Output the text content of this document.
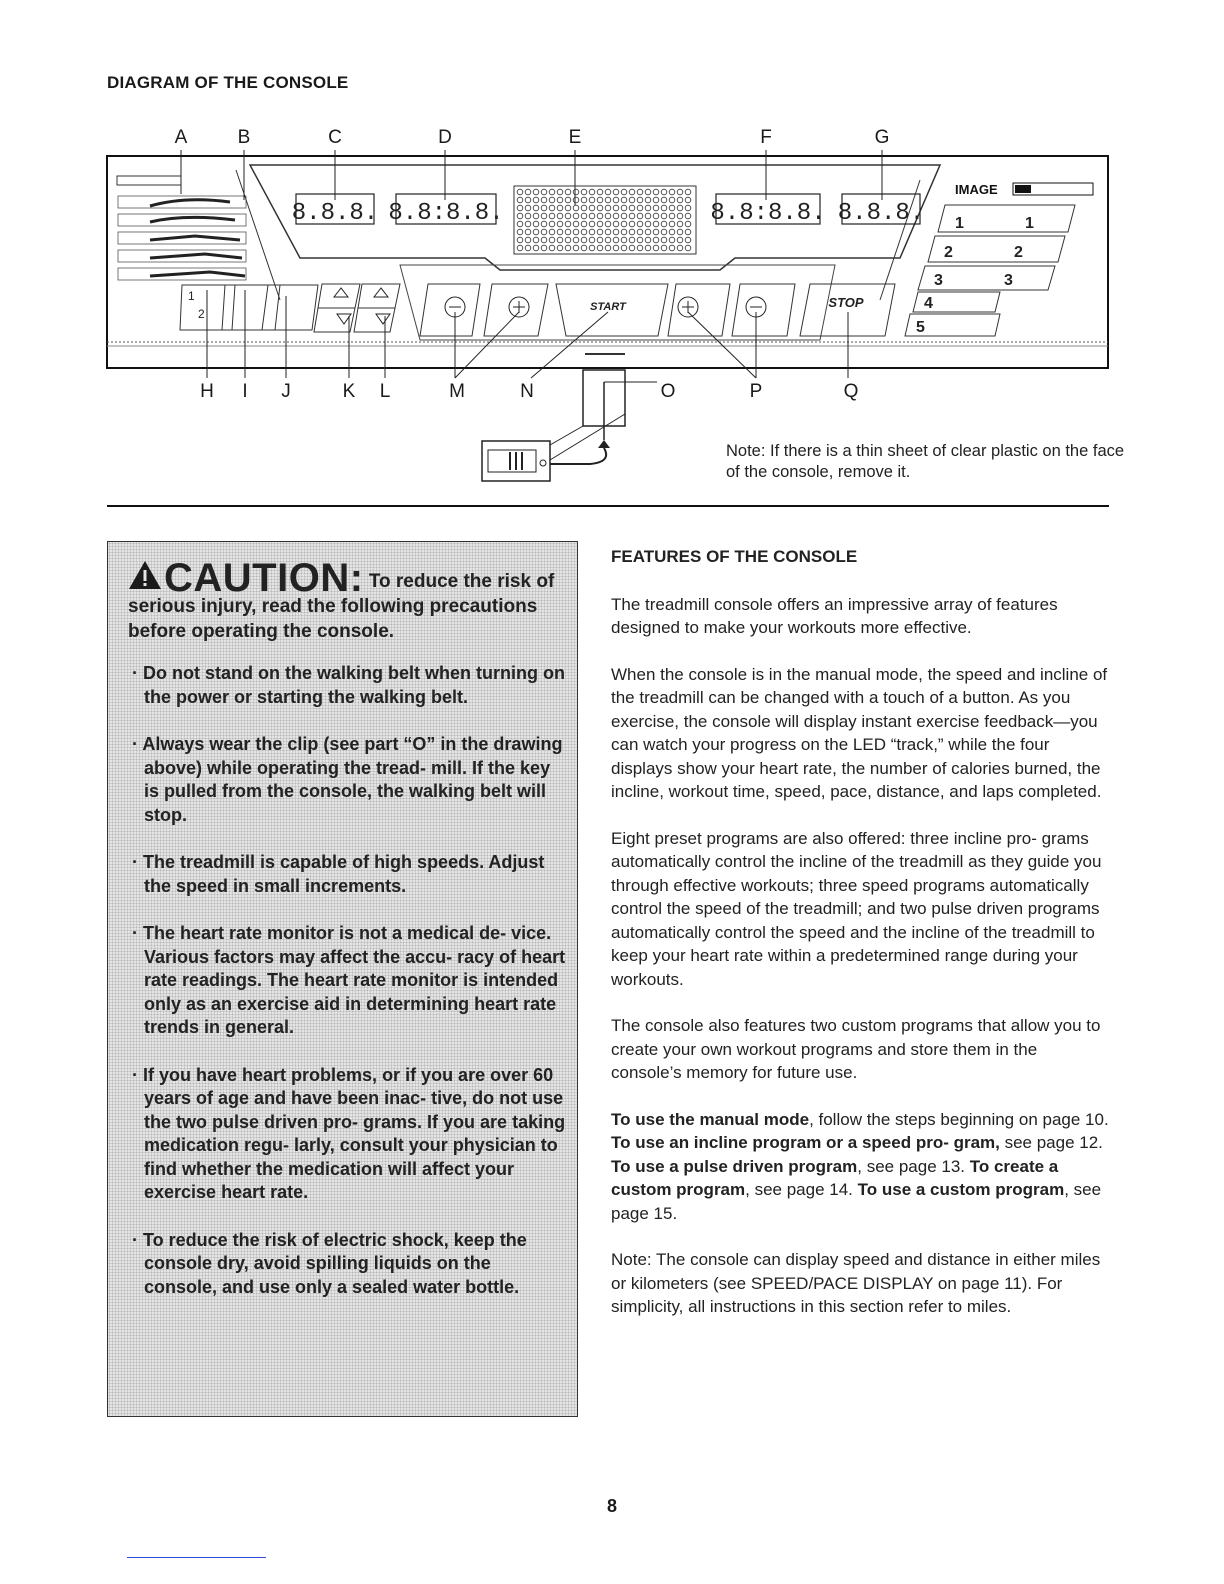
DIAGRAM OF THE CONSOLE
A	B	C	D	E	F	G
8.8.8. 8.8:8.8.	8.8:8.8. 8.8.8.
IMAGE
1	1
2	2
3	3
4
5
1
2	START	STOP
H I J	K L	M	N	O	P	Q
Note: If there is a thin sheet of clear plastic on the face of the console, remove it.
CAUTION: To reduce the risk of serious injury, read the following precautions before operating the console.
· Do not stand on the walking belt when turning on the power or starting the walking belt.
· Always wear the clip (see part “O” in the drawing above) while operating the tread- mill. If the key is pulled from the console, the walking belt will stop.
· The treadmill is capable of high speeds. Adjust the speed in small increments.
· The heart rate monitor is not a medical de- vice. Various factors may affect the accu- racy of heart rate readings. The heart rate monitor is intended only as an exercise aid in determining heart rate trends in general.
· If you have heart problems, or if you are over 60 years of age and have been inac- tive, do not use the two pulse driven pro- grams. If you are taking medication regu- larly, consult your physician to find whether the medication will affect your exercise heart rate.
· To reduce the risk of electric shock, keep the console dry, avoid spilling liquids on the console, and use only a sealed water bottle.
FEATURES OF THE CONSOLE

The treadmill console offers an impressive array of features designed to make your workouts more effective.

When the console is in the manual mode, the speed and incline of the treadmill can be changed with a touch of a button. As you exercise, the console will display instant exercise feedback—you can watch your progress on the LED “track,” while the four displays show your heart rate, the number of calories burned, the incline, workout time, speed, pace, distance, and laps completed.

Eight preset programs are also offered: three incline pro- grams automatically control the incline of the treadmill as they guide you through effective workouts; three speed programs automatically control the speed of the treadmill; and two pulse driven programs automatically control the speed and the incline of the treadmill to keep your heart rate within a predetermined range during your workouts.

The console also features two custom programs that allow you to create your own workout programs and store them in the console’s memory for future use.

To use the manual mode, follow the steps beginning on page 10. To use an incline program or a speed pro- gram, see page 12. To use a pulse driven program, see page 13. To create a custom program, see page 14. To use a custom program, see page 15.

Note: The console can display speed and distance in either miles or kilometers (see SPEED/PACE DISPLAY on page 11). For simplicity, all instructions in this section refer to miles.

8
